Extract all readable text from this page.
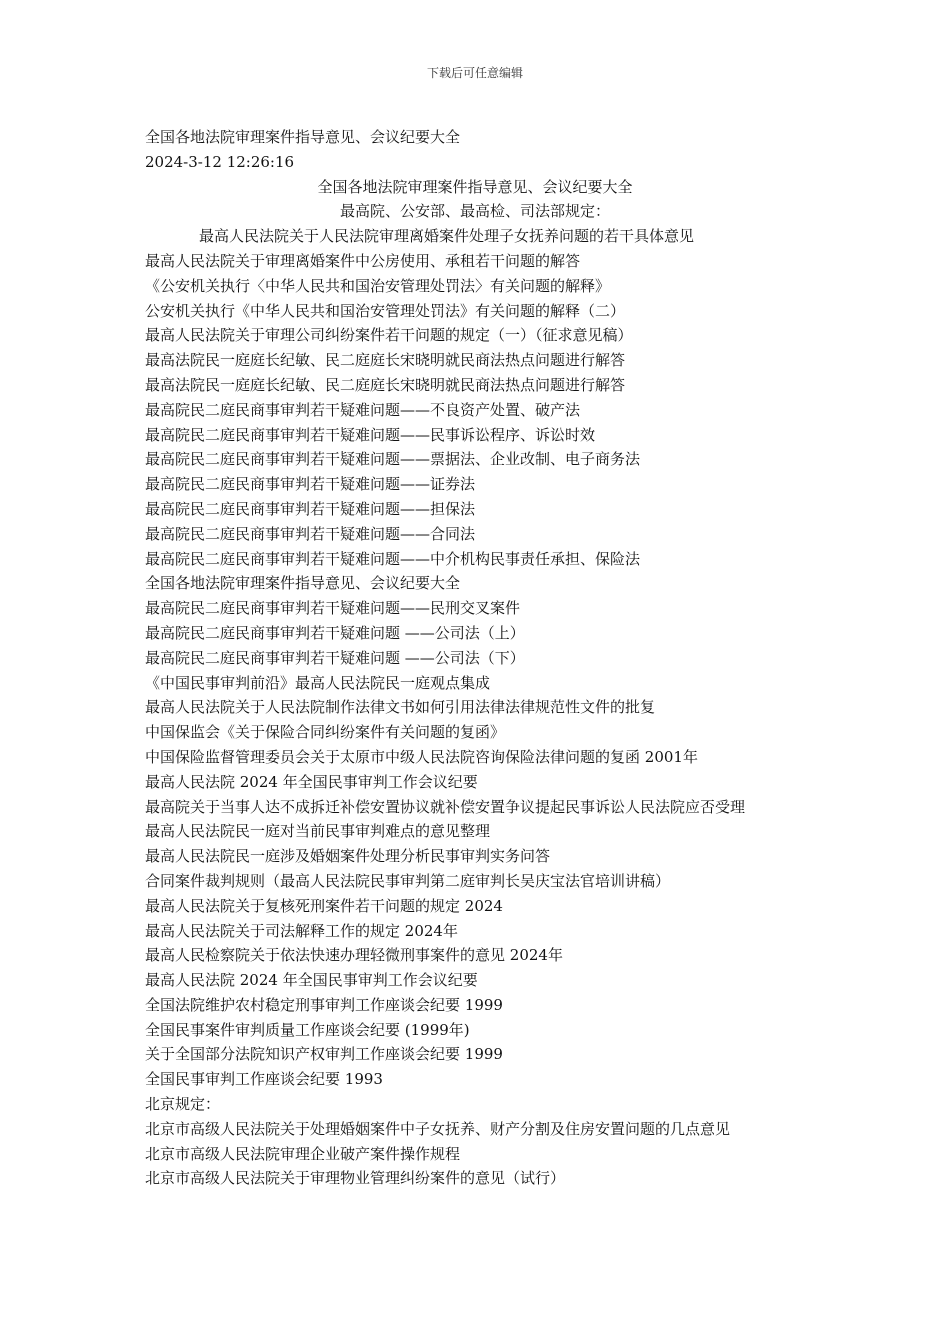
下载后可任意编辑
全国各地法院审理案件指导意见、会议纪要大全
2024-3-12 12:26:16
全国各地法院审理案件指导意见、会议纪要大全
最高院、公安部、最高检、司法部规定：
最高人民法院关于人民法院审理离婚案件处理子女抚养问题的若干具体意见
最高人民法院关于审理离婚案件中公房使用、承租若干问题的解答
《公安机关执行〈中华人民共和国治安管理处罚法〉有关问题的解释》
公安机关执行《中华人民共和国治安管理处罚法》有关问题的解释（二）
最高人民法院关于审理公司纠纷案件若干问题的规定（一）（征求意见稿）
最高法院民一庭庭长纪敏、民二庭庭长宋晓明就民商法热点问题进行解答
最高法院民一庭庭长纪敏、民二庭庭长宋晓明就民商法热点问题进行解答
最高院民二庭民商事审判若干疑难问题——不良资产处置、破产法
最高院民二庭民商事审判若干疑难问题——民事诉讼程序、诉讼时效
最高院民二庭民商事审判若干疑难问题——票据法、企业改制、电子商务法
最高院民二庭民商事审判若干疑难问题——证券法
最高院民二庭民商事审判若干疑难问题——担保法
最高院民二庭民商事审判若干疑难问题——合同法
最高院民二庭民商事审判若干疑难问题——中介机构民事责任承担、保险法
全国各地法院审理案件指导意见、会议纪要大全
最高院民二庭民商事审判若干疑难问题——民刑交叉案件
最高院民二庭民商事审判若干疑难问题 ——公司法（上）
最高院民二庭民商事审判若干疑难问题 ——公司法（下）
《中国民事审判前沿》最高人民法院民一庭观点集成
最高人民法院关于人民法院制作法律文书如何引用法律法律规范性文件的批复
中国保监会《关于保险合同纠纷案件有关问题的复函》
中国保险监督管理委员会关于太原市中级人民法院咨询保险法律问题的复函 2001年
最高人民法院 2024 年全国民事审判工作会议纪要
最高院关于当事人达不成拆迁补偿安置协议就补偿安置争议提起民事诉讼人民法院应否受理
最高人民法院民一庭对当前民事审判难点的意见整理
最高人民法院民一庭涉及婚姻案件处理分析民事审判实务问答
合同案件裁判规则（最高人民法院民事审判第二庭审判长吴庆宝法官培训讲稿）
最高人民法院关于复核死刑案件若干问题的规定 2024
最高人民法院关于司法解释工作的规定 2024年
最高人民检察院关于依法快速办理轻微刑事案件的意见 2024年
最高人民法院 2024 年全国民事审判工作会议纪要
全国法院维护农村稳定刑事审判工作座谈会纪要 1999
全国民事案件审判质量工作座谈会纪要 (1999年)
关于全国部分法院知识产权审判工作座谈会纪要 1999
全国民事审判工作座谈会纪要 1993
北京规定：
北京市高级人民法院关于处理婚姻案件中子女抚养、财产分割及住房安置问题的几点意见
北京市高级人民法院审理企业破产案件操作规程
北京市高级人民法院关于审理物业管理纠纷案件的意见（试行）
